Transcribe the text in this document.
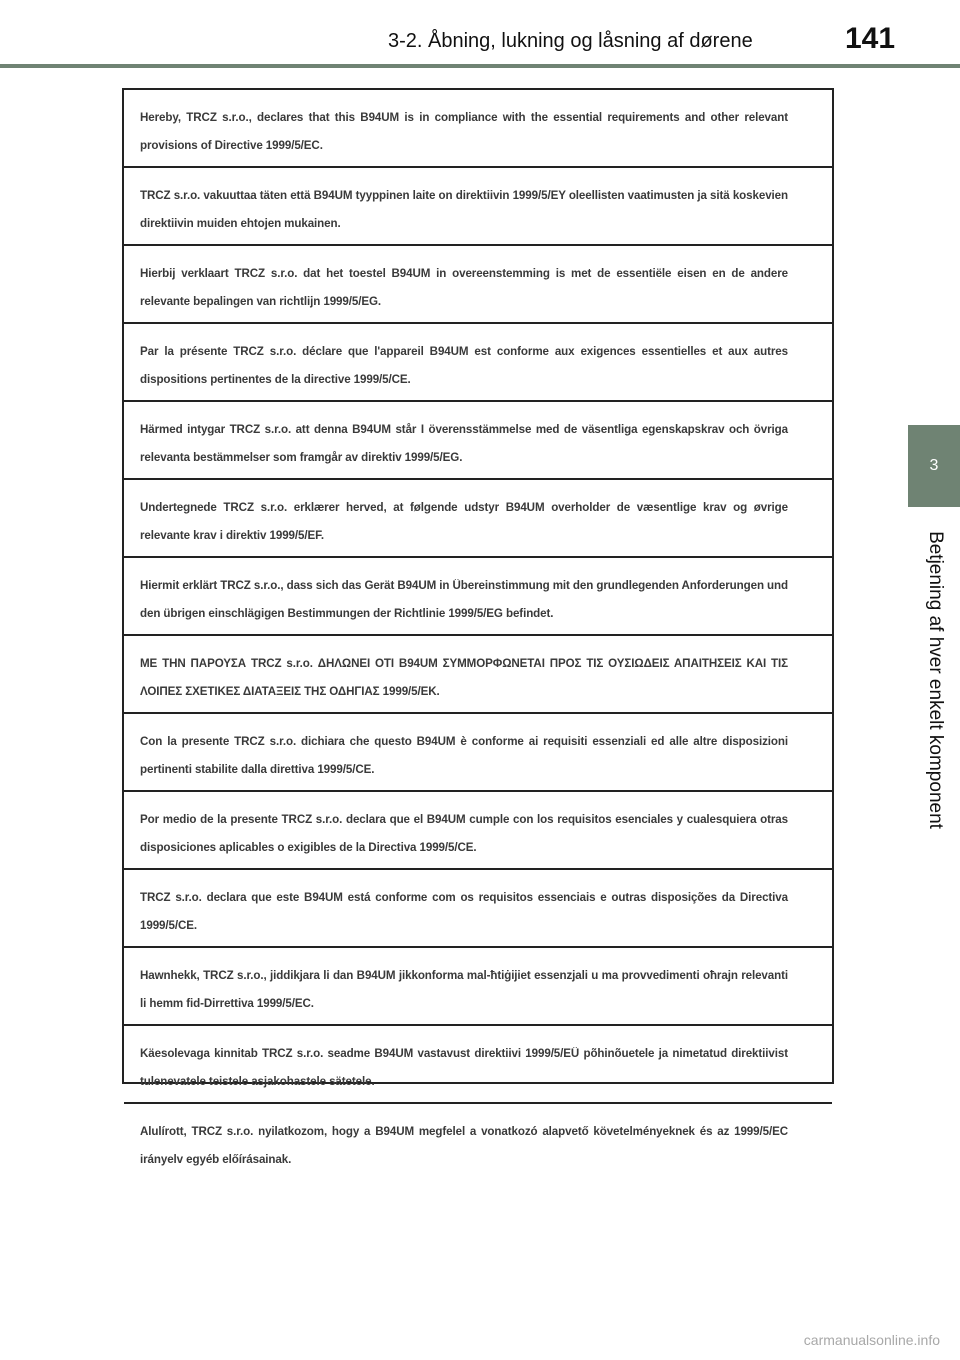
3-2. Åbning, lukning og låsning af dørene	141
3
Betjening af hver enkelt komponent
Hereby, TRCZ s.r.o., declares that this B94UM is in compliance with the essential requirements and other relevant provisions of Directive 1999/5/EC.
TRCZ s.r.o. vakuuttaa täten että B94UM tyyppinen laite on direktiivin 1999/5/EY oleellisten vaatimusten ja sitä koskevien direktiivin muiden ehtojen mukainen.
Hierbij verklaart TRCZ s.r.o. dat het toestel B94UM in overeenstemming is met de essentiële eisen en de andere relevante bepalingen van richtlijn 1999/5/EG.
Par la présente TRCZ s.r.o. déclare que l'appareil B94UM est conforme aux exigences essentielles et aux autres dispositions pertinentes de la directive 1999/5/CE.
Härmed intygar TRCZ s.r.o. att denna B94UM står I överensstämmelse med de väsentliga egenskapskrav och övriga relevanta bestämmelser som framgår av direktiv 1999/5/EG.
Undertegnede TRCZ s.r.o. erklærer herved, at følgende udstyr B94UM overholder de væsentlige krav og øvrige relevante krav i direktiv 1999/5/EF.
Hiermit erklärt TRCZ s.r.o., dass sich das Gerät B94UM in Übereinstimmung mit den grundlegenden Anforderungen und den übrigen einschlägigen Bestimmungen der Richtlinie 1999/5/EG befindet.
ΜΕ ΤΗΝ ΠΑΡΟΥΣΑ TRCZ s.r.o. ΔΗΛΩΝΕΙ ΟΤΙ B94UM ΣΥΜΜΟΡΦΩΝΕΤΑΙ ΠΡΟΣ ΤΙΣ ΟΥΣΙΩΔΕΙΣ ΑΠΑΙΤΗΣΕΙΣ ΚΑΙ ΤΙΣ ΛΟΙΠΕΣ ΣΧΕΤΙΚΕΣ ΔΙΑΤΑΞΕΙΣ ΤΗΣ ΟΔΗΓΙΑΣ 1999/5/ΕΚ.
Con la presente TRCZ s.r.o. dichiara che questo B94UM è conforme ai requisiti essenziali ed alle altre disposizioni pertinenti stabilite dalla direttiva 1999/5/CE.
Por medio de la presente TRCZ s.r.o. declara que el B94UM cumple con los requisitos esenciales y cualesquiera otras disposiciones aplicables o exigibles de la Directiva 1999/5/CE.
TRCZ s.r.o. declara que este B94UM está conforme com os requisitos essenciais e outras disposições da Directiva 1999/5/CE.
Hawnhekk, TRCZ s.r.o., jiddikjara li dan B94UM jikkonforma mal-ħtiġijiet essenzjali u ma provvedimenti oħrajn relevanti li hemm fid-Dirrettiva 1999/5/EC.
Käesolevaga kinnitab TRCZ s.r.o. seadme B94UM vastavust direktiivi 1999/5/EÜ põhinõuetele ja nimetatud direktiivist tulenevatele teistele asjakohastele sätetele.
Alulírott, TRCZ s.r.o. nyilatkozom, hogy a B94UM megfelel a vonatkozó alapvető követelményeknek és az 1999/5/EC irányelv egyéb előírásainak.
carmanualsonline.info
